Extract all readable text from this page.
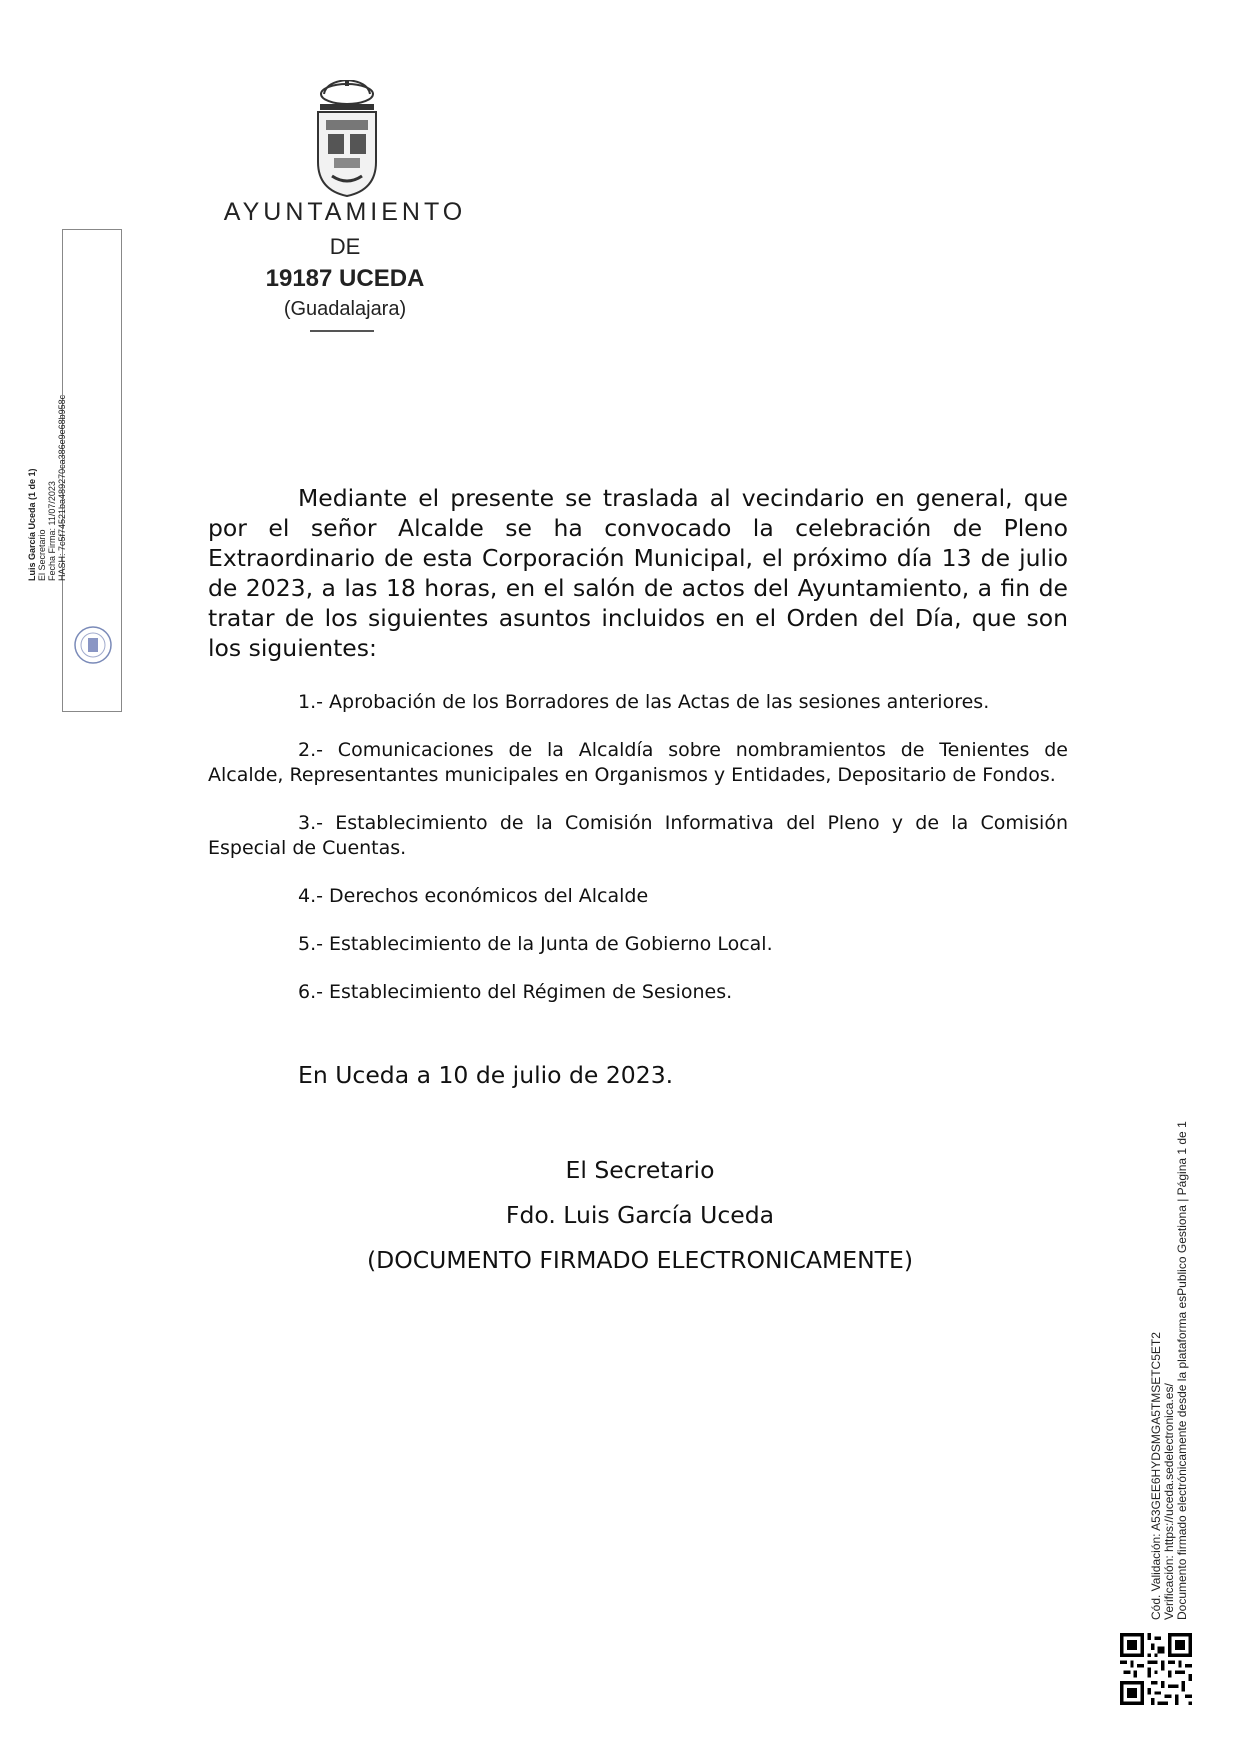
AYUNTAMIENTO
DE
19187 UCEDA
(Guadalajara)
Luis García Uceda (1 de 1) El Secretario Fecha Firma: 11/07/2023 HASH: 7c5f74521ba489270ca386e9e68b958c	Mediante el presente se traslada al vecindario en general, que por el señor Alcalde se ha convocado la celebración de Pleno Extraordinario de esta Corporación Municipal, el próximo día 13 de julio de 2023, a las 18 horas, en el salón de actos del Ayuntamiento, a fin de tratar de los siguientes asuntos incluidos en el Orden del Día, que son los siguientes:
1.- Aprobación de los Borradores de las Actas de las sesiones anteriores.
2.- Comunicaciones de la Alcaldía sobre nombramientos de Tenientes de Alcalde, Representantes municipales en Organismos y Entidades, Depositario de Fondos.
3.- Establecimiento de la Comisión Informativa del Pleno y de la Comisión Especial de Cuentas.
4.- Derechos económicos del Alcalde
5.- Establecimiento de la Junta de Gobierno Local.
6.- Establecimiento del Régimen de Sesiones.
En Uceda a 10 de julio de 2023.
El Secretario
Fdo. Luis García Uceda
(DOCUMENTO FIRMADO ELECTRONICAMENTE)
Cód. Validación: A53GEE6HYDSMGA5TMSETC5ET2 Verificación: https://uceda.sedelectronica.es/ Documento firmado electrónicamente desde la plataforma esPublico Gestiona | Página 1 de 1
